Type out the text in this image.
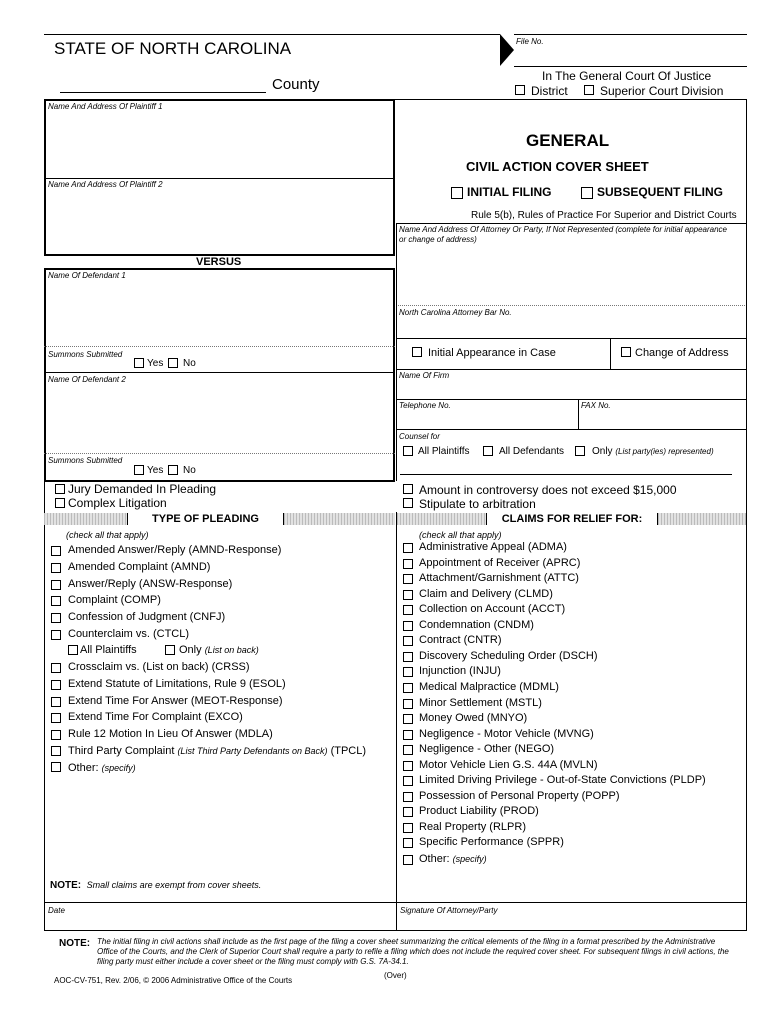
STATE OF NORTH CAROLINA
County
File No.
In The General Court Of Justice
District	Superior Court Division
Name And Address Of Plaintiff 1
Name And Address Of Plaintiff 2
VERSUS
Name Of Defendant 1
Summons Submitted
Yes No
Name Of Defendant 2
Summons Submitted
Yes No
Jury Demanded In Pleading
Complex Litigation
GENERAL
CIVIL ACTION COVER SHEET
INITIAL FILING	SUBSEQUENT FILING
Rule 5(b), Rules of Practice For Superior and District Courts
Name And Address Of Attorney Or Party, If Not Represented (complete for initial appearance or change of address)
North Carolina Attorney Bar No.
Initial Appearance in Case	Change of Address
Name Of Firm
Telephone No.	FAX No.
Counsel for
All Plaintiffs	All Defendants	Only (List party(ies) represented)
Amount in controversy does not exceed $15,000
Stipulate to arbitration
TYPE OF PLEADING	CLAIMS FOR RELIEF FOR:
(check all that apply)
Amended Answer/Reply (AMND-Response)
Amended Complaint (AMND)
Answer/Reply (ANSW-Response)
Complaint (COMP)
Confession of Judgment (CNFJ)
Counterclaim vs. (CTCL)
All Plaintiffs	Only (List on back)
Crossclaim vs. (List on back) (CRSS)
Extend Statute of Limitations, Rule 9 (ESOL)
Extend Time For Answer (MEOT-Response)
Extend Time For Complaint (EXCO)
Rule 12 Motion In Lieu Of Answer (MDLA)
Third Party Complaint (List Third Party Defendants on Back) (TPCL)
Other: (specify)
NOTE: Small claims are exempt from cover sheets.
(check all that apply)
Administrative Appeal (ADMA)
Appointment of Receiver (APRC)
Attachment/Garnishment (ATTC)
Claim and Delivery (CLMD)
Collection on Account (ACCT)
Condemnation (CNDM)
Contract (CNTR)
Discovery Scheduling Order (DSCH)
Injunction (INJU)
Medical Malpractice (MDML)
Minor Settlement (MSTL)
Money Owed (MNYO)
Negligence - Motor Vehicle (MVNG)
Negligence - Other (NEGO)
Motor Vehicle Lien G.S. 44A (MVLN)
Limited Driving Privilege - Out-of-State Convictions (PLDP)
Possession of Personal Property (POPP)
Product Liability (PROD)
Real Property (RLPR)
Specific Performance (SPPR)
Other: (specify)
Date	Signature Of Attorney/Party
NOTE: The initial filing in civil actions shall include as the first page of the filing a cover sheet summarizing the critical elements of the filing in a format prescribed by the Administrative Office of the Courts, and the Clerk of Superior Court shall require a party to refile a filing which does not include the required cover sheet. For subsequent filings in civil actions, the filing party must either include a cover sheet or the filing must comply with G.S. 7A-34.1.
AOC-CV-751, Rev. 2/06, © 2006 Administrative Office of the Courts
(Over)
